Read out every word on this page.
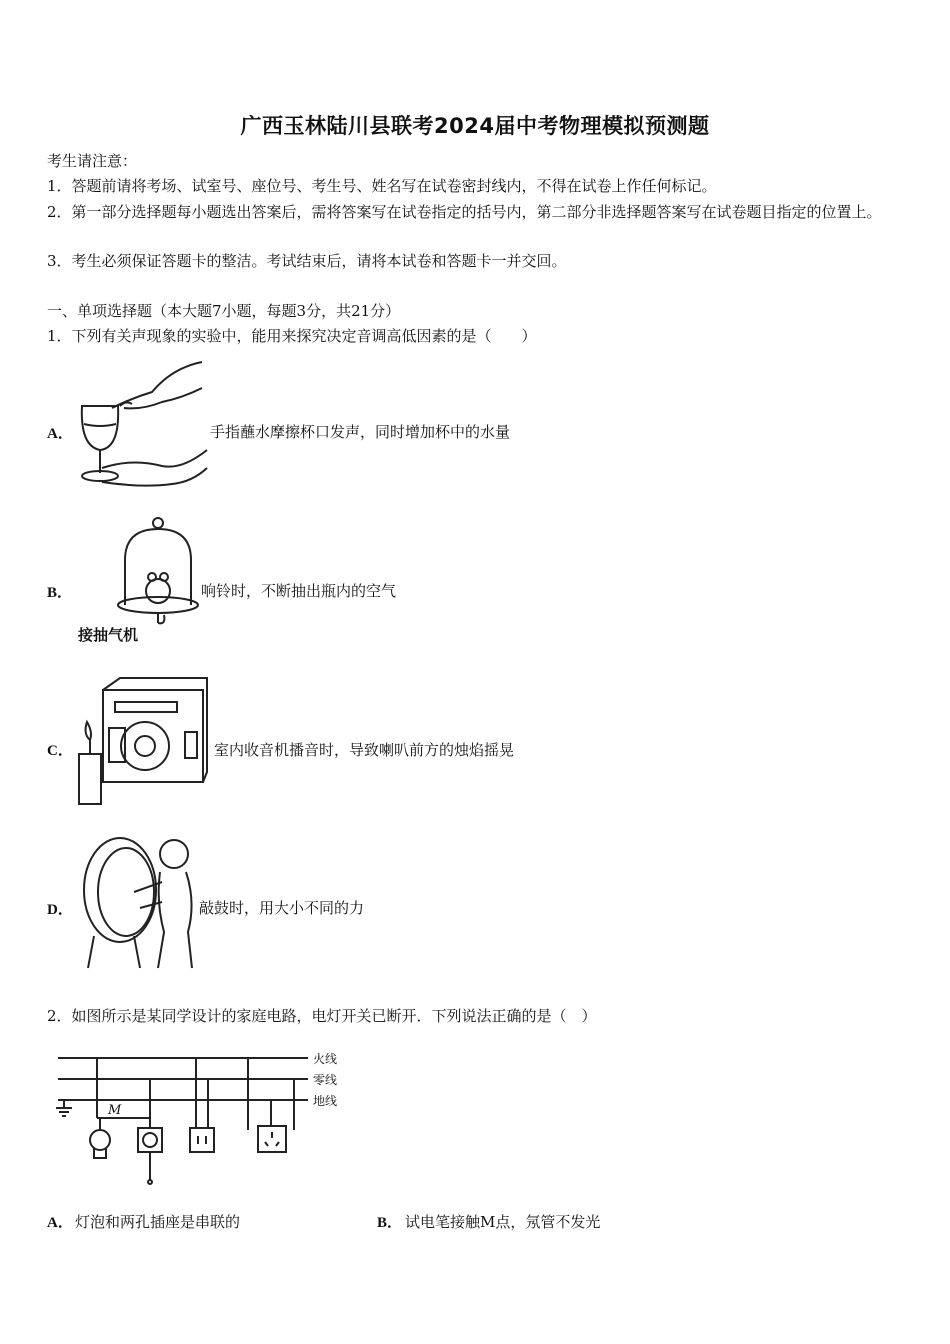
广西玉林陆川县联考2024届中考物理模拟预测题
考生请注意：
1．答题前请将考场、试室号、座位号、考生号、姓名写在试卷密封线内，不得在试卷上作任何标记。
2．第一部分选择题每小题选出答案后，需将答案写在试卷指定的括号内，第二部分非选择题答案写在试卷题目指定的位置上。
3．考生必须保证答题卡的整洁。考试结束后，请将本试卷和答题卡一并交回。
一、单项选择题（本大题7小题，每题3分，共21分）
1．下列有关声现象的实验中，能用来探究决定音调高低因素的是（　　）
A．	手指蘸水摩擦杯口发声，同时增加杯中的水量
B．
接抽气机
响铃时，不断抽出瓶内的空气
C．	室内收音机播音时，导致喇叭前方的烛焰摇晃
D．	敲鼓时，用大小不同的力
2．如图所示是某同学设计的家庭电路，电灯开关已断开．下列说法正确的是（　）
火线
零线
地线
M
A． 灯泡和两孔插座是串联的	B． 试电笔接触M点，氖管不发光
